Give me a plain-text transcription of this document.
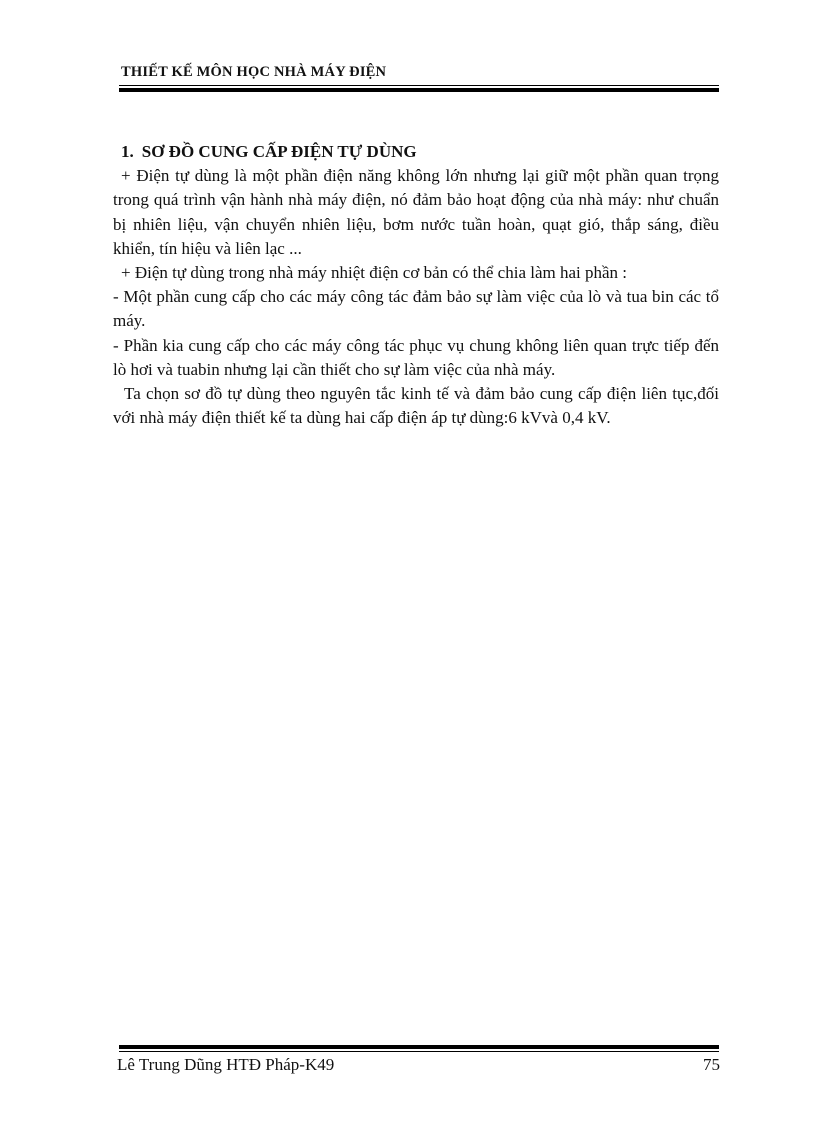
THIẾT KẾ MÔN HỌC NHÀ MÁY ĐIỆN
1. SƠ ĐỒ CUNG CẤP ĐIỆN TỰ DÙNG

+ Điện tự dùng là một phần điện năng không lớn nhưng lại giữ một phần quan trọng trong quá trình vận hành nhà máy điện, nó đảm bảo hoạt động của nhà máy: như chuẩn bị nhiên liệu, vận chuyển nhiên liệu, bơm nước tuần hoàn, quạt gió, thắp sáng, điều khiển, tín hiệu và liên lạc ...

+ Điện tự dùng trong nhà máy nhiệt điện cơ bản có thể chia làm hai phần :

- Một phần cung cấp cho các máy công tác đảm bảo sự làm việc của lò và tua bin các tổ máy.

- Phần kia cung cấp cho các máy công tác phục vụ chung không liên quan trực tiếp đến lò hơi và tuabin nhưng lại cần thiết cho sự làm việc của nhà máy.

Ta chọn sơ đồ tự dùng theo nguyên tắc kinh tế và đảm bảo cung cấp điện liên tục,đối với nhà máy điện thiết kế ta dùng hai cấp điện áp tự dùng:6 kVvà 0,4 kV.

Lê Trung Dũng HTĐ Pháp-K49	75
